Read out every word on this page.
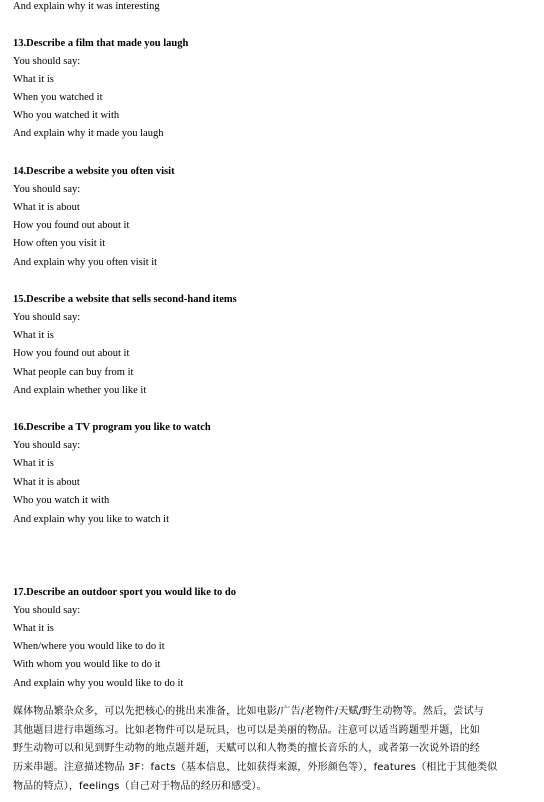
And explain why it was interesting
13.Describe a film that made you laugh
You should say:
What it is
When you watched it
Who you watched it with
And explain why it made you laugh
14.Describe a website you often visit
You should say:
What it is about
How you found out about it
How often you visit it
And explain why you often visit it
15.Describe a website that sells second-hand items
You should say:
What it is
How you found out about it
What people can buy from it
And explain whether you like it
16.Describe a TV program you like to watch
You should say:
What it is
What it is about
Who you watch it with
And explain why you like to watch it
17.Describe an outdoor sport you would like to do
You should say:
What it is
When/where you would like to do it
With whom you would like to do it
And explain why you would like to do it
媒体物品繁杂众多，可以先把核心的挑出来准备，比如电影/广告/老物件/天赋/野生动物等。然后，尝试与
其他题目进行串题练习。比如老物件可以是玩具，也可以是美丽的物品。注意可以适当跨题型并题，比如
野生动物可以和见到野生动物的地点题并题，天赋可以和人物类的擅长音乐的人，或者第一次说外语的经
历来串题。注意描述物品 3F：facts（基本信息，比如获得来源，外形颜色等），features（相比于其他类似
物品的特点），feelings（自己对于物品的经历和感受）。
